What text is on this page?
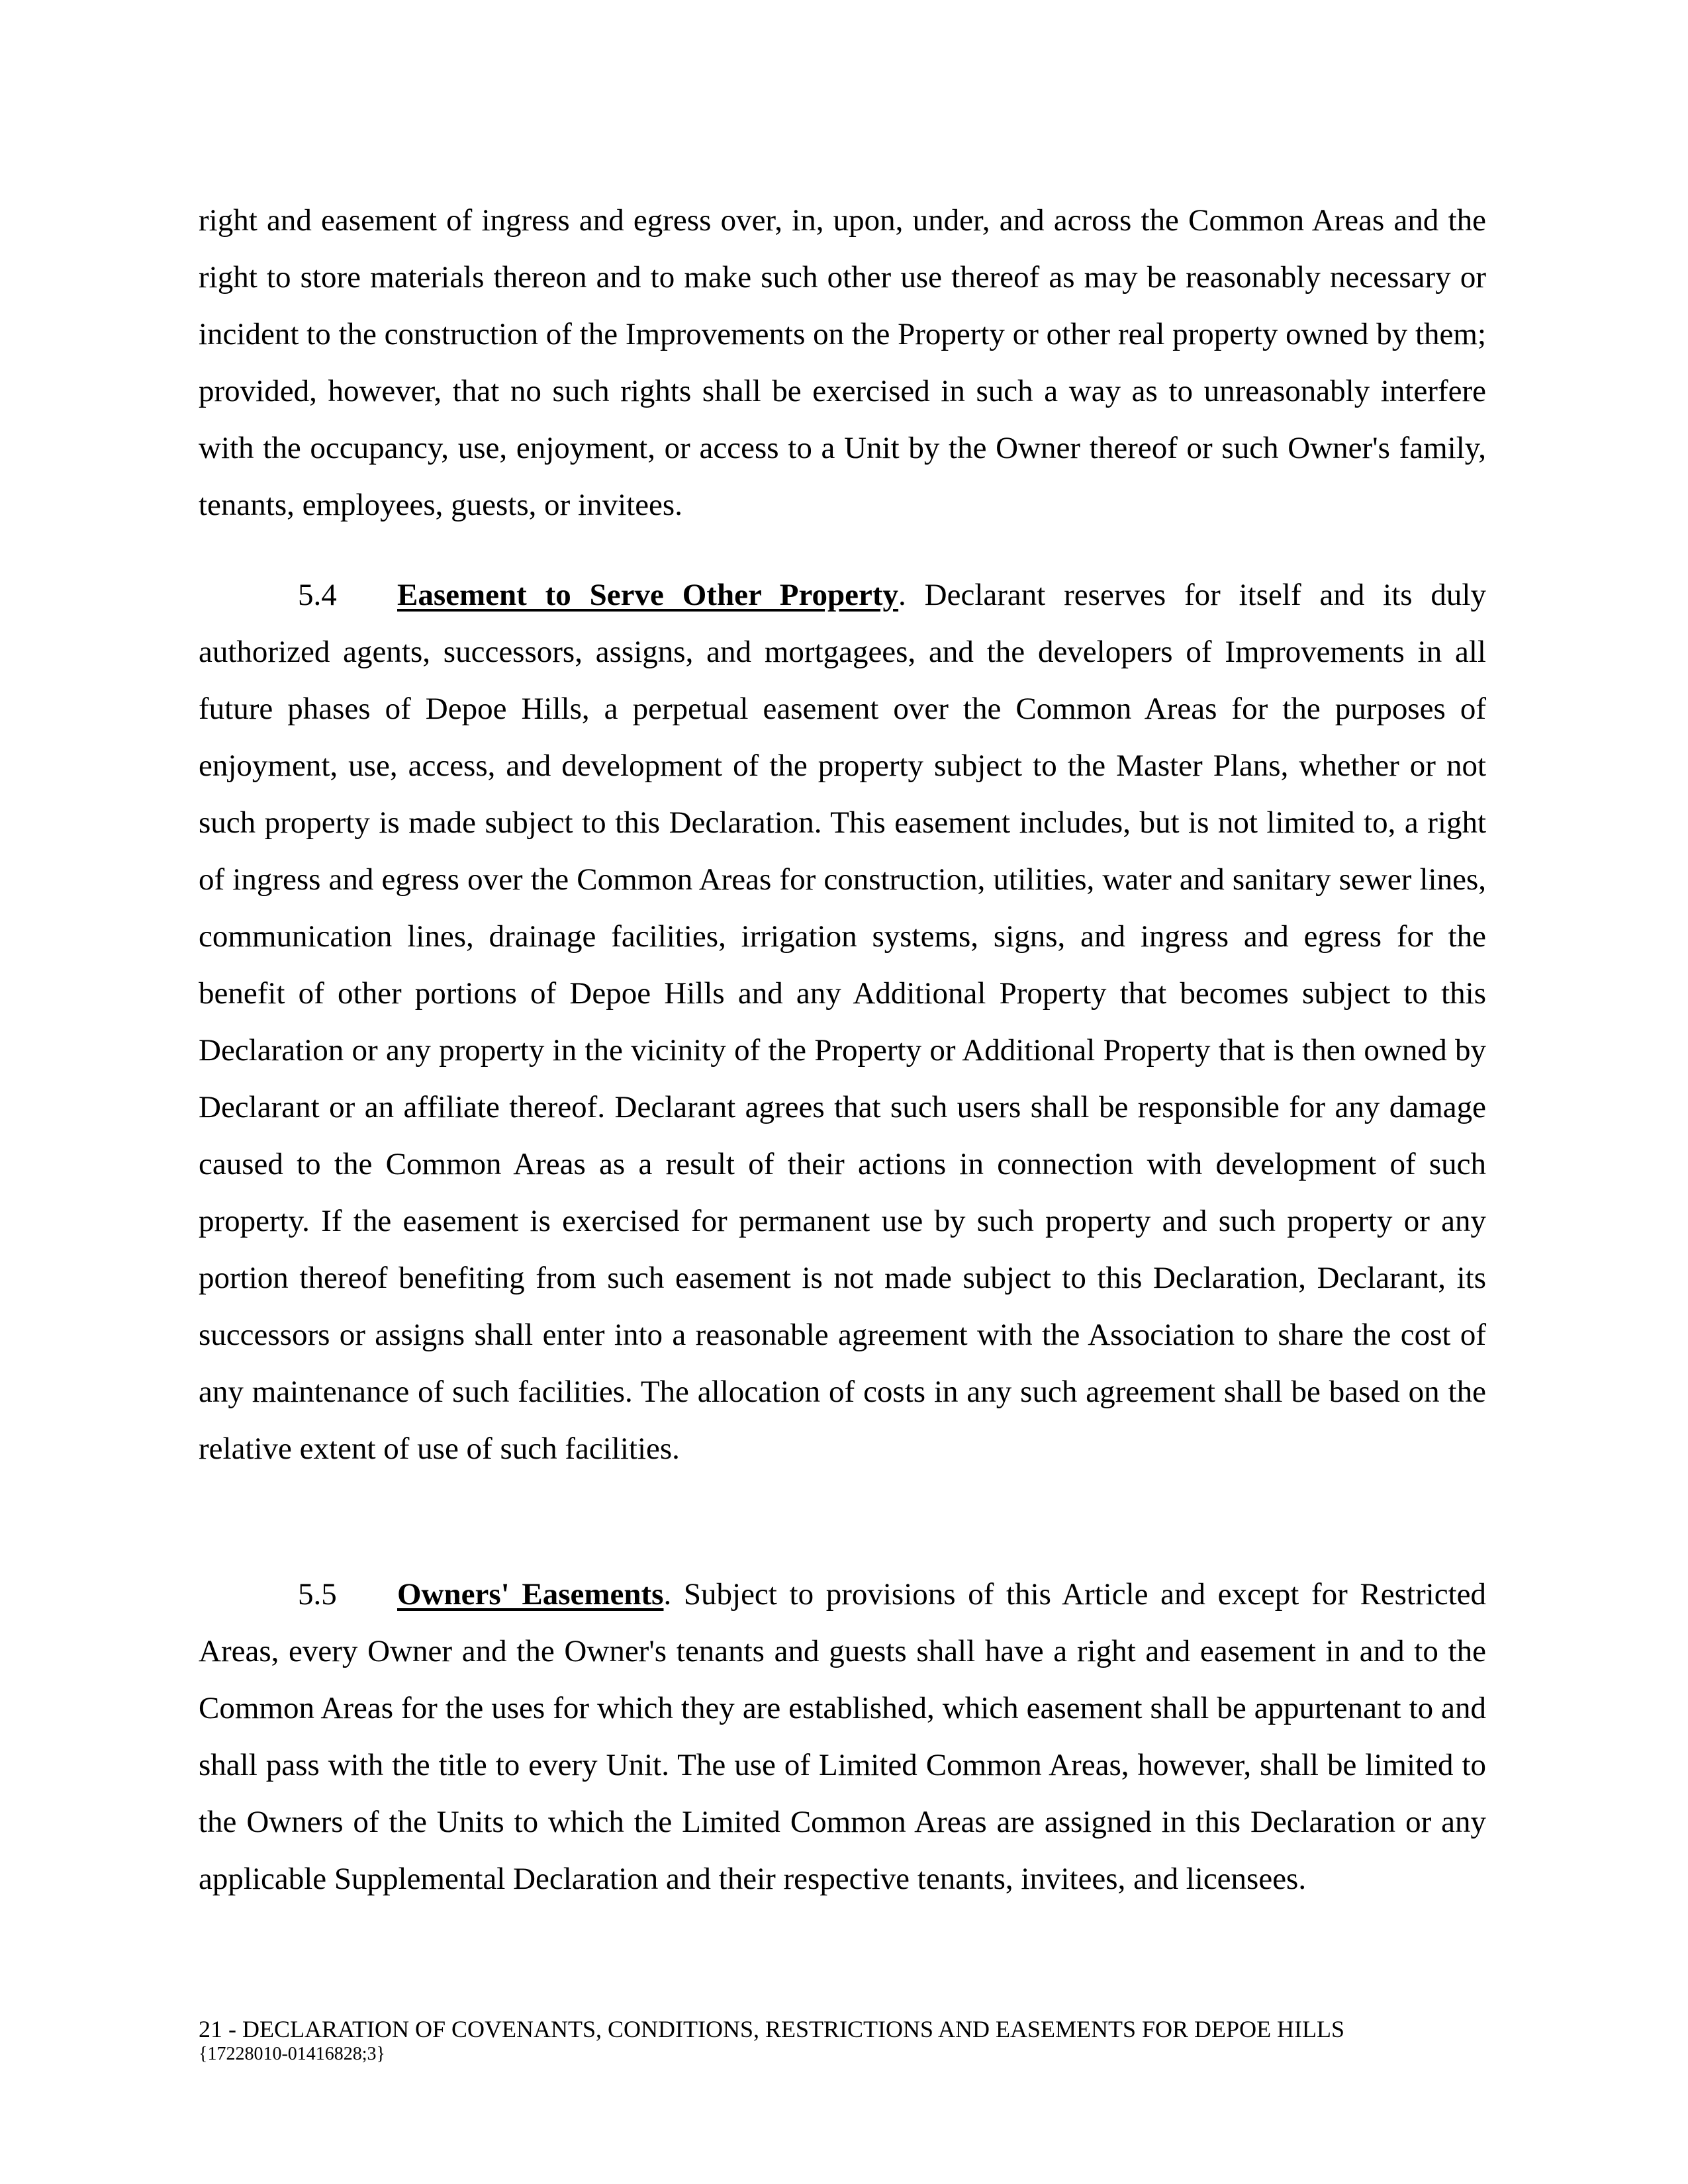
right and easement of ingress and egress over, in, upon, under, and across the Common Areas and the right to store materials thereon and to make such other use thereof as may be reasonably necessary or incident to the construction of the Improvements on the Property or other real property owned by them; provided, however, that no such rights shall be exercised in such a way as to unreasonably interfere with the occupancy, use, enjoyment, or access to a Unit by the Owner thereof or such Owner's family, tenants, employees, guests, or invitees.

5.4 Easement to Serve Other Property. Declarant reserves for itself and its duly authorized agents, successors, assigns, and mortgagees, and the developers of Improvements in all future phases of Depoe Hills, a perpetual easement over the Common Areas for the purposes of enjoyment, use, access, and development of the property subject to the Master Plans, whether or not such property is made subject to this Declaration. This easement includes, but is not limited to, a right of ingress and egress over the Common Areas for construction, utilities, water and sanitary sewer lines, communication lines, drainage facilities, irrigation systems, signs, and ingress and egress for the benefit of other portions of Depoe Hills and any Additional Property that becomes subject to this Declaration or any property in the vicinity of the Property or Additional Property that is then owned by Declarant or an affiliate thereof. Declarant agrees that such users shall be responsible for any damage caused to the Common Areas as a result of their actions in connection with development of such property. If the easement is exercised for permanent use by such property and such property or any portion thereof benefiting from such easement is not made subject to this Declaration, Declarant, its successors or assigns shall enter into a reasonable agreement with the Association to share the cost of any maintenance of such facilities. The allocation of costs in any such agreement shall be based on the relative extent of use of such facilities.

5.5 Owners' Easements. Subject to provisions of this Article and except for Restricted Areas, every Owner and the Owner's tenants and guests shall have a right and easement in and to the Common Areas for the uses for which they are established, which easement shall be appurtenant to and shall pass with the title to every Unit. The use of Limited Common Areas, however, shall be limited to the Owners of the Units to which the Limited Common Areas are assigned in this Declaration or any applicable Supplemental Declaration and their respective tenants, invitees, and licensees.

21 - DECLARATION OF COVENANTS, CONDITIONS, RESTRICTIONS AND EASEMENTS FOR DEPOE HILLS
{17228010-01416828;3}
